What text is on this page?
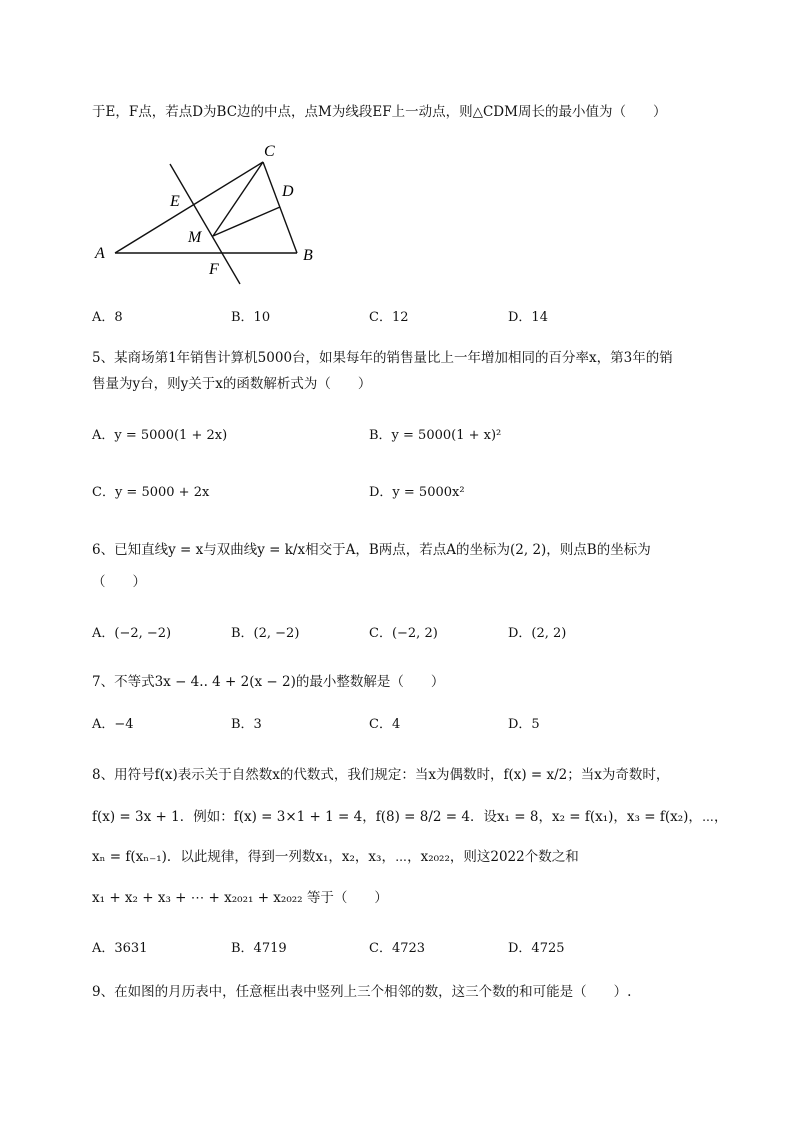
于E，F点，若点D为BC边的中点，点M为线段EF上一动点，则△CDM周长的最小值为（　　）
A	B
C
D
E
F
M
A．8	B．10	C．12	D．14
5、某商场第1年销售计算机5000台，如果每年的销售量比上一年增加相同的百分率x，第3年的销
售量为y台，则y关于x的函数解析式为（　　）
A．y = 5000(1 + 2x)	B．y = 5000(1 + x)²
C．y = 5000 + 2x	D．y = 5000x²
6、已知直线y = x与双曲线y = k/x相交于A，B两点，若点A的坐标为(2, 2)，则点B的坐标为
（　　）
A．(−2, −2)	B．(2, −2)	C．(−2, 2)	D．(2, 2)
7、不等式3x − 4.. 4 + 2(x − 2)的最小整数解是（　　）
A．−4	B．3	C．4	D．5
8、用符号f(x)表示关于自然数x的代数式，我们规定：当x为偶数时，f(x) = x/2；当x为奇数时，
f(x) = 3x + 1．例如：f(x) = 3×1 + 1 = 4，f(8) = 8/2 = 4．设x₁ = 8，x₂ = f(x₁)，x₃ = f(x₂)，⋯，
xₙ = f(xₙ₋₁)．以此规律，得到一列数x₁，x₂，x₃，⋯，x₂₀₂₂，则这2022个数之和
x₁ + x₂ + x₃ + ⋯ + x₂₀₂₁ + x₂₀₂₂ 等于（　　）
A．3631	B．4719	C．4723	D．4725
9、在如图的月历表中，任意框出表中竖列上三个相邻的数，这三个数的和可能是（　　）.
